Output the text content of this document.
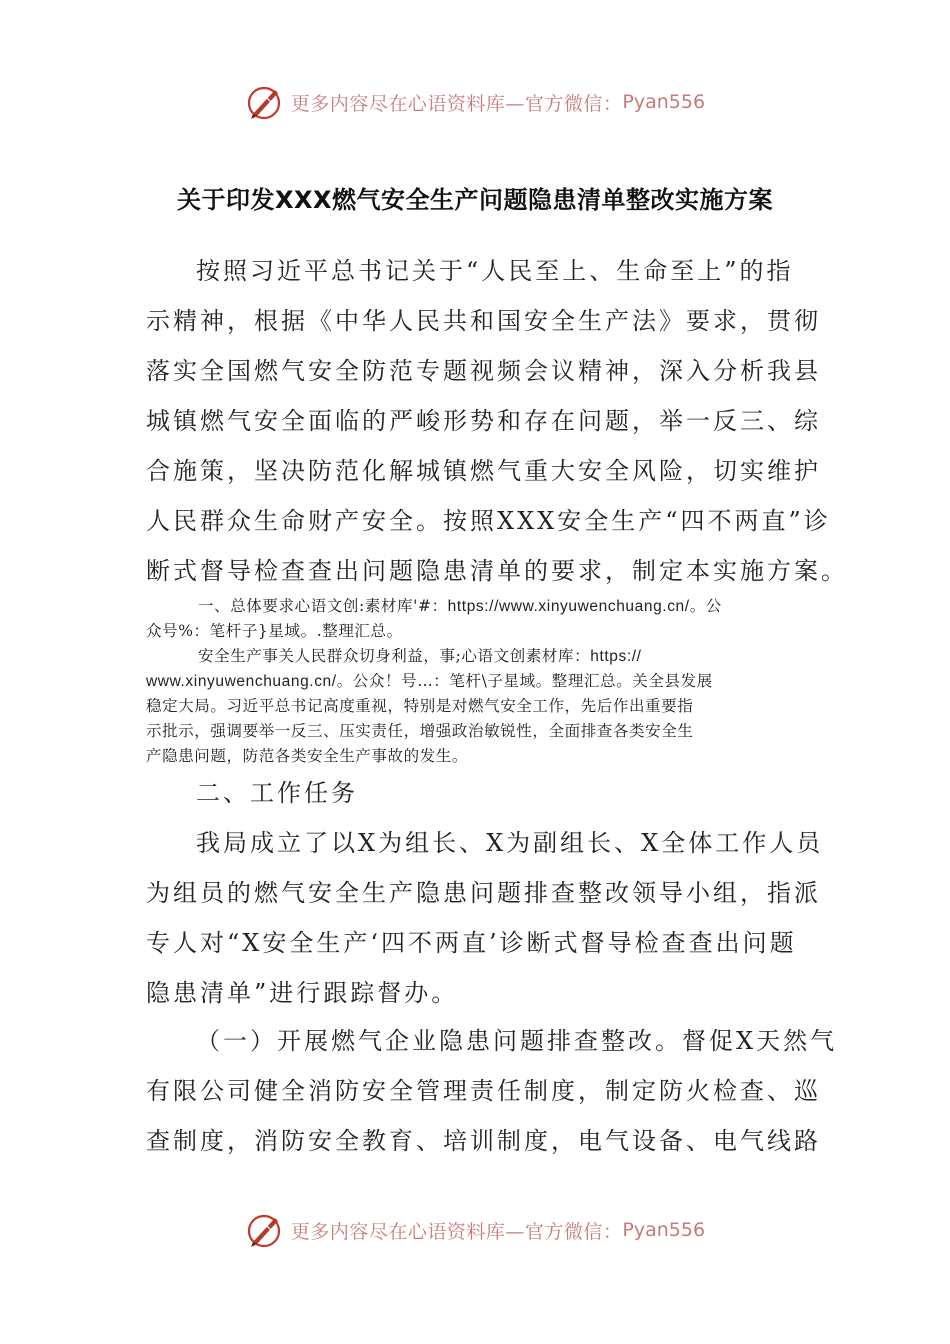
更多内容尽在心语资料库—官方微信： Pyan556
关于印发XXX燃气安全生产问题隐患清单整改实施方案
按照习近平总书记关于“人民至上、生命至上”的指
示精神，根据《中华人民共和国安全生产法》要求，贯彻
落实全国燃气安全防范专题视频会议精神，深入分析我县
城镇燃气安全面临的严峻形势和存在问题，举一反三、综
合施策，坚决防范化解城镇燃气重大安全风险，切实维护
人民群众生命财产安全。按照XXX安全生产“四不两直”诊
断式督导检查查出问题隐患清单的要求，制定本实施方案。
一、总体要求心语文创:素材库'#：https://www.xinyuwenchuang.cn/。公
众号%：笔杆子}星域。.整理汇总。
安全生产事关人民群众切身利益，事;心语文创素材库：https://
www.xinyuwenchuang.cn/。公众！号…：笔杆\子星域。整理汇总。关全县发展
稳定大局。习近平总书记高度重视，特别是对燃气安全工作，先后作出重要指
示批示，强调要举一反三、压实责任，增强政治敏锐性，全面排查各类安全生
产隐患问题，防范各类安全生产事故的发生。
二、工作任务
我局成立了以X为组长、X为副组长、X全体工作人员
为组员的燃气安全生产隐患问题排查整改领导小组，指派
专人对“X安全生产‘四不两直’诊断式督导检查查出问题
隐患清单”进行跟踪督办。
（一）开展燃气企业隐患问题排查整改。督促X天然气
有限公司健全消防安全管理责任制度，制定防火检查、巡
查制度，消防安全教育、培训制度，电气设备、电气线路
更多内容尽在心语资料库—官方微信： Pyan556
